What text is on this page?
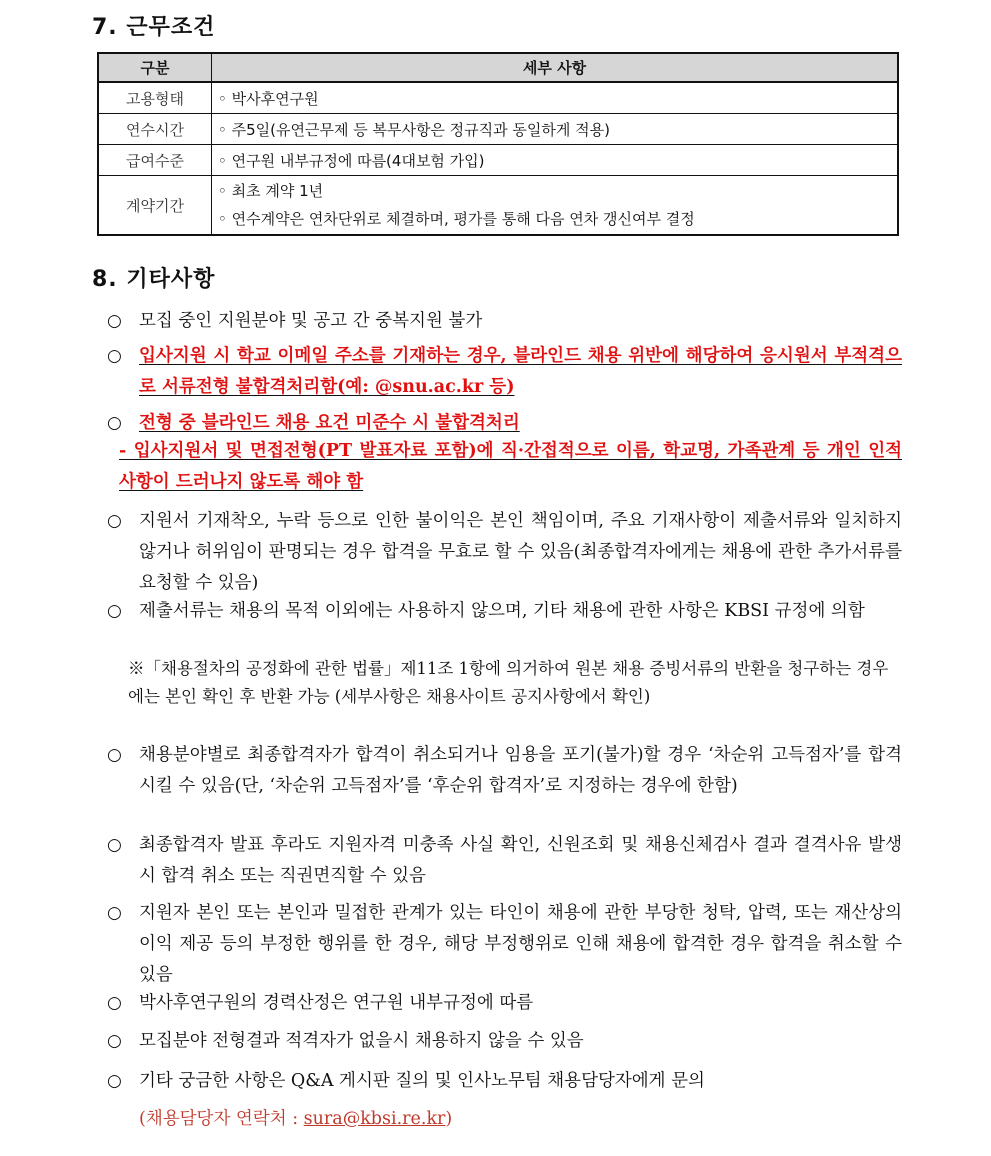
7. 근무조건
구분	세부 사항
고용형태	◦ 박사후연구원
연수시간	◦ 주5일(유연근무제 등 복무사항은 정규직과 동일하게 적용)
급여수준	◦ 연구원 내부규정에 따름(4대보험 가입)
계약기간	◦ 최초 계약 1년
◦ 연수계약은 연차단위로 체결하며, 평가를 통해 다음 연차 갱신여부 결정
8. 기타사항
○ 모집 중인 지원분야 및 공고 간 중복지원 불가
○ 입사지원 시 학교 이메일 주소를 기재하는 경우, 블라인드 채용 위반에 해당하여 응시원서 부적격으로 서류전형 불합격처리함(예: @snu.ac.kr 등)
○ 전형 중 블라인드 채용 요건 미준수 시 불합격처리
- 입사지원서 및 면접전형(PT 발표자료 포함)에 직·간접적으로 이름, 학교명, 가족관계 등 개인 인적사항이 드러나지 않도록 해야 함
○ 지원서 기재착오, 누락 등으로 인한 불이익은 본인 책임이며, 주요 기재사항이 제출서류와 일치하지 않거나 허위임이 판명되는 경우 합격을 무효로 할 수 있음(최종합격자에게는 채용에 관한 추가서류를 요청할 수 있음)
○ 제출서류는 채용의 목적 이외에는 사용하지 않으며, 기타 채용에 관한 사항은 KBSI 규정에 의함
※「채용절차의 공정화에 관한 법률」제11조 1항에 의거하여 원본 채용 증빙서류의 반환을 청구하는 경우에는 본인 확인 후 반환 가능 (세부사항은 채용사이트 공지사항에서 확인)
○ 채용분야별로 최종합격자가 합격이 취소되거나 임용을 포기(불가)할 경우 ‘차순위 고득점자’를 합격시킬 수 있음(단, ‘차순위 고득점자’를 ‘후순위 합격자’로 지정하는 경우에 한함)
○ 최종합격자 발표 후라도 지원자격 미충족 사실 확인, 신원조회 및 채용신체검사 결과 결격사유 발생 시 합격 취소 또는 직권면직할 수 있음
○ 지원자 본인 또는 본인과 밀접한 관계가 있는 타인이 채용에 관한 부당한 청탁, 압력, 또는 재산상의 이익 제공 등의 부정한 행위를 한 경우, 해당 부정행위로 인해 채용에 합격한 경우 합격을 취소할 수 있음
○ 박사후연구원의 경력산정은 연구원 내부규정에 따름
○ 모집분야 전형결과 적격자가 없을시 채용하지 않을 수 있음
○ 기타 궁금한 사항은 Q&A 게시판 질의 및 인사노무팀 채용담당자에게 문의
(채용담당자 연락처 : sura@kbsi.re.kr)
